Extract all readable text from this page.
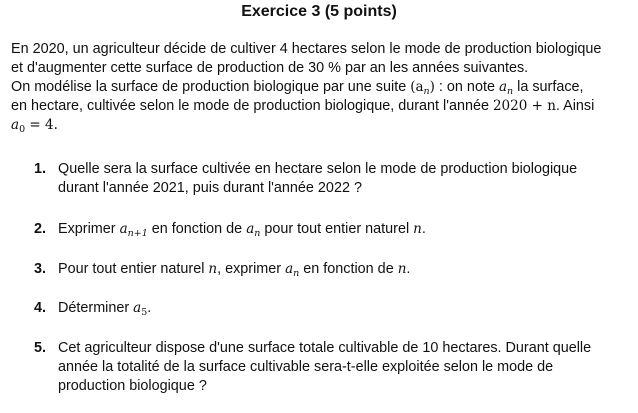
Exercice 3 (5 points)
En 2020, un agriculteur décide de cultiver 4 hectares selon le mode de production biologique
et d'augmenter cette surface de production de 30 % par an les années suivantes.
On modélise la surface de production biologique par une suite $(a_n)$ : on note $a_n$ la surface,
en hectare, cultivée selon le mode de production biologique, durant l'année 2020 + n. Ainsi
$a_0 = 4$.
1. Quelle sera la surface cultivée en hectare selon le mode de production biologique
durant l'année 2021, puis durant l'année 2022 ?
2. Exprimer $a_{n+1}$ en fonction de $a_n$ pour tout entier naturel n.
3. Pour tout entier naturel n, exprimer $a_n$ en fonction de n.
4. Déterminer $a_5$.
5. Cet agriculteur dispose d'une surface totale cultivable de 10 hectares. Durant quelle
année la totalité de la surface cultivable sera-t-elle exploitée selon le mode de
production biologique ?
